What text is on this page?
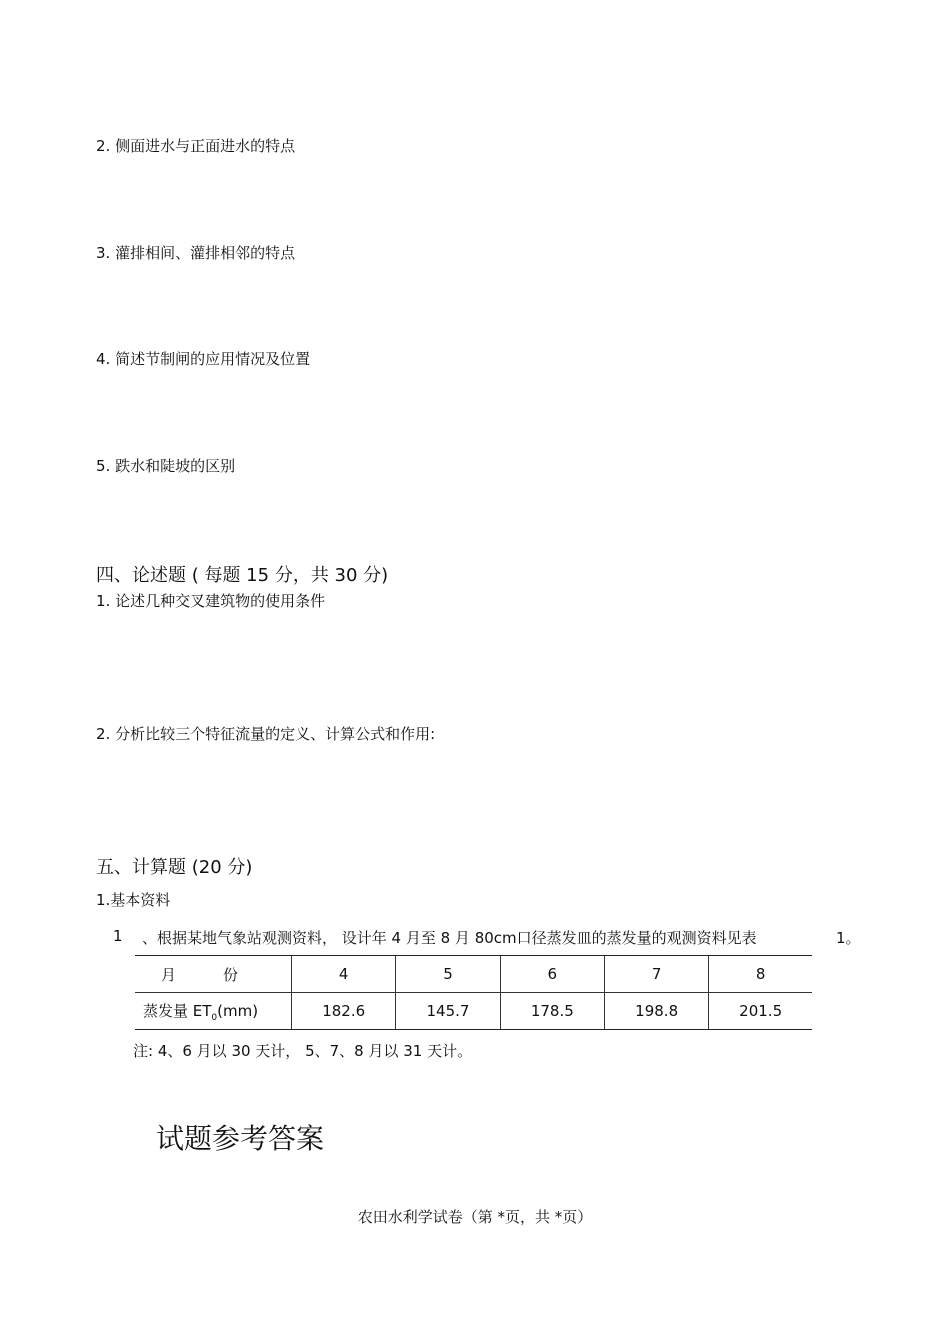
2. 侧面进水与正面进水的特点
3. 灌排相间、灌排相邻的特点
4. 简述节制闸的应用情况及位置
5. 跌水和陡坡的区别
四、论述题 ( 每题 15 分，共 30 分)
1. 论述几种交叉建筑物的使用条件
2. 分析比较三个特征流量的定义、计算公式和作用:
五、计算题 (20 分)
1.基本资料
1 、根据某地气象站观测资料， 设计年 4 月至 8 月 80cm口径蒸发皿的蒸发量的观测资料见表	1。
月 份	4	5	6	7	8
蒸发量 $ET_0(mm)$	182.6	145.7	178.5	198.8	201.5
注: 4、6 月以 30 天计， 5、7、8 月以 31 天计。
试题参考答案
农田水利学试卷（第 *页，共 *页）
